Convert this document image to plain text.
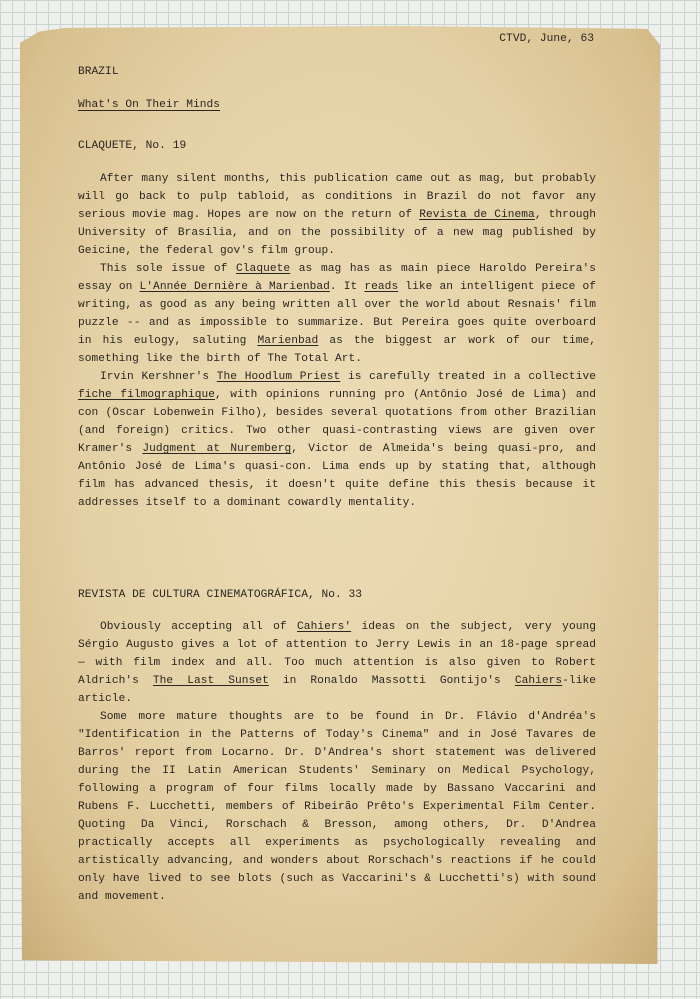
CTVD, June, 63
BRAZIL
What's On Their Minds
CLAQUETE, No. 19

After many silent months, this publication came out as mag, but probably will go back to pulp tabloid, as conditions in Brazil do not favor any serious movie mag. Hopes are now on the return of Revista de Cinema, through University of Brasília, and on the possibility of a new mag published by Geicine, the federal gov's film group.

This sole issue of Claquete as mag has as main piece Haroldo Pereira's essay on L'Année Dernière à Marienbad. It reads like an intelligent piece of writing, as good as any being written all over the world about Resnais' film puzzle -- and as impossible to summarize. But Pereira goes quite overboard in his eulogy, saluting Marienbad as the biggest ar work of our time, something like the birth of The Total Art.

Irvin Kershner's The Hoodlum Priest is carefully treated in a collective fiche filmographique, with opinions running pro (Antônio José de Lima) and con (Oscar Lobenwein Filho), besides several quotations from other Brazilian (and foreign) critics. Two other quasi-contrasting views are given over Kramer's Judgment at Nuremberg, Victor de Almeida's being quasi-pro, and Antônio José de Lima's quasi-con. Lima ends up by stating that, although film has advanced thesis, it doesn't quite define this thesis because it addresses itself to a dominant cowardly mentality.

REVISTA DE CULTURA CINEMATOGRÁFICA, No. 33

Obviously accepting all of Cahiers' ideas on the subject, very young Sérgio Augusto gives a lot of attention to Jerry Lewis in an 18-page spread — with film index and all. Too much attention is also given to Robert Aldrich's The Last Sunset in Ronaldo Massotti Gontijo's Cahiers-like article.

Some more mature thoughts are to be found in Dr. Flávio d'Andréa's "Identification in the Patterns of Today's Cinema" and in José Tavares de Barros' report from Locarno. Dr. D'Andrea's short statement was delivered during the II Latin American Students' Seminary on Medical Psychology, following a program of four films locally made by Bassano Vaccarini and Rubens F. Lucchetti, members of Ribeirão Prêto's Experimental Film Center. Quoting Da Vinci, Rorschach & Bresson, among others, Dr. D'Andrea practically accepts all experiments as psychologically revealing and artistically advancing, and wonders about Rorschach's reactions if he could only have lived to see blots (such as Vaccarini's & Lucchetti's) with sound and movement.
